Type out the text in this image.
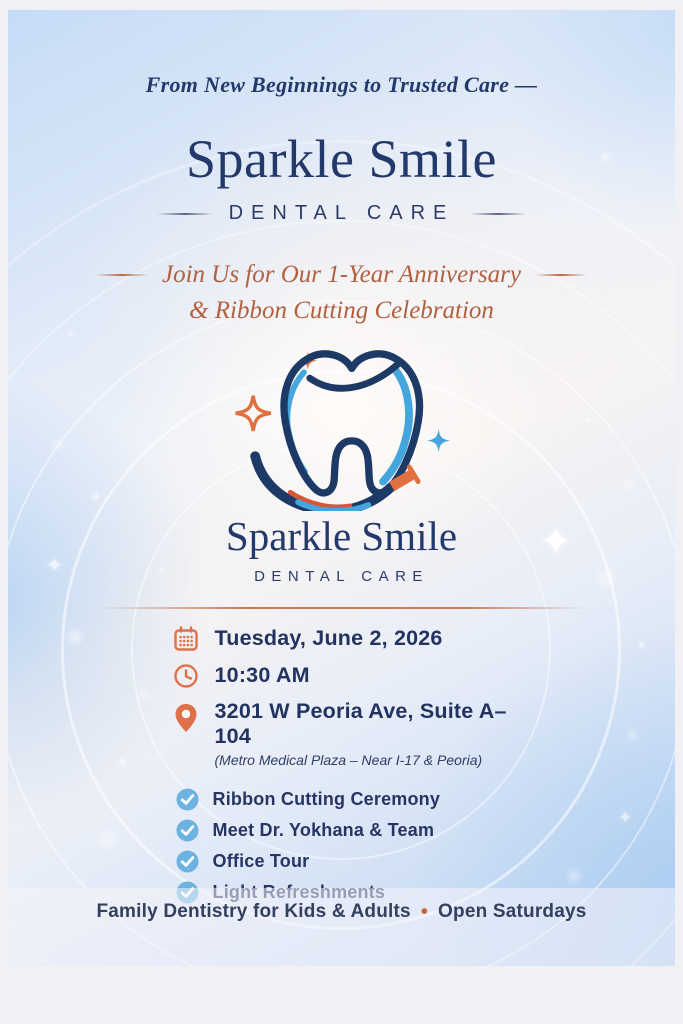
✦
✦
✦
✦	✦
✦
✦
✦
✦
✦
From New Beginnings to Trusted Care —
Sparkle Smile
DENTAL CARE
Join Us for Our 1-Year Anniversary
& Ribbon Cutting Celebration
Sparkle Smile
DENTAL CARE
Tuesday, June 2, 2026
10:30 AM
3201 W Peoria Ave, Suite A–104
(Metro Medical Plaza – Near I-17 & Peoria)
Ribbon Cutting Ceremony
Meet Dr. Yokhana & Team
Office Tour
Family Dentistry for Kids & Adults • Open Saturdays
